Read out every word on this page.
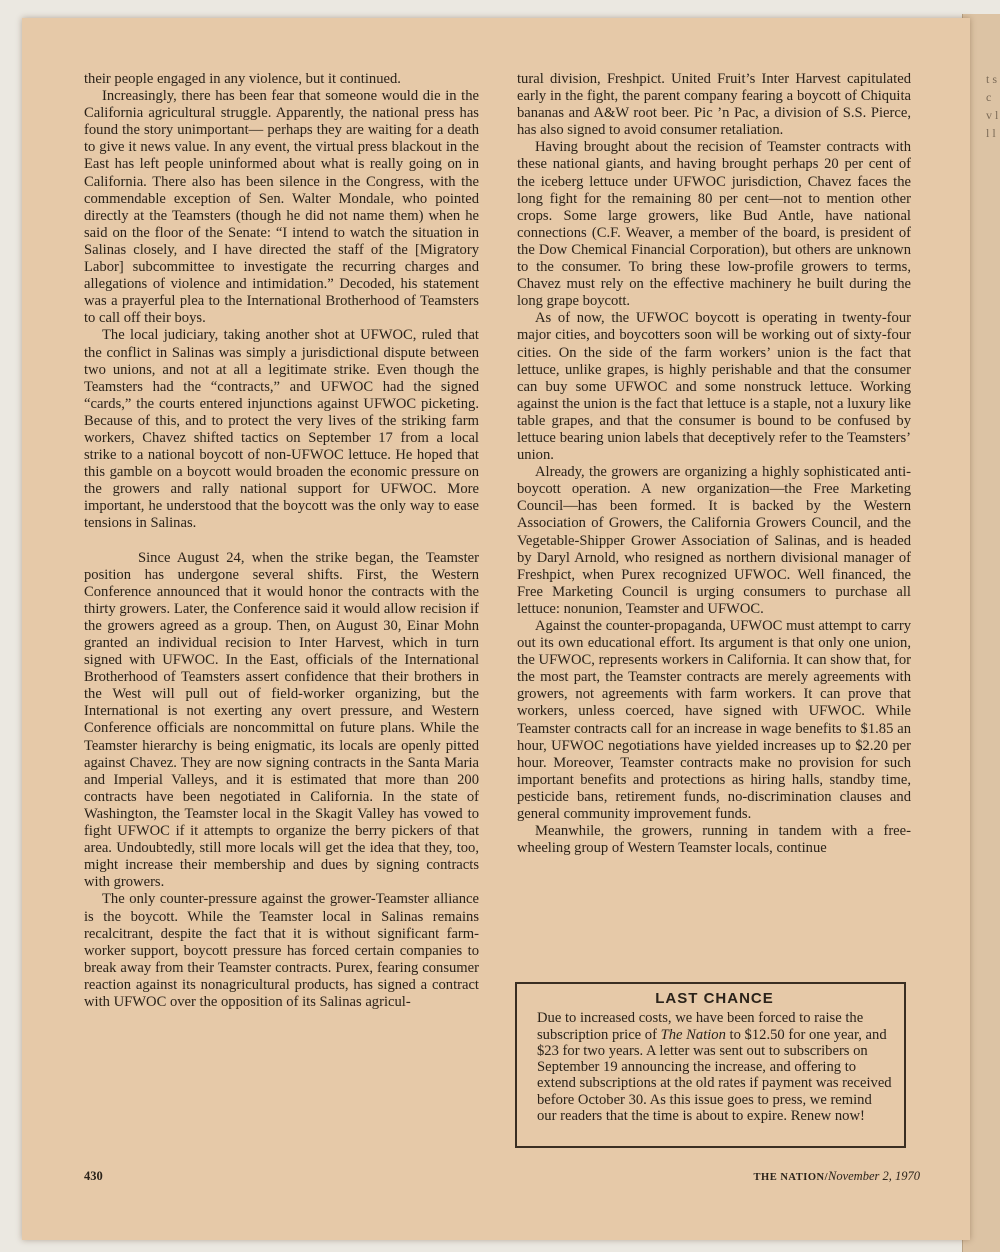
t s c v l l l

their people engaged in any violence, but it continued.

Increasingly, there has been fear that someone would die in the California agricultural struggle. Apparently, the national press has found the story unimportant— perhaps they are waiting for a death to give it news value. In any event, the virtual press blackout in the East has left people uninformed about what is really going on in California. There also has been silence in the Congress, with the commendable exception of Sen. Walter Mondale, who pointed directly at the Teamsters (though he did not name them) when he said on the floor of the Senate: “I intend to watch the situation in Salinas closely, and I have directed the staff of the [Migratory Labor] subcommittee to investigate the recurring charges and allegations of violence and intimidation.” Decoded, his statement was a prayerful plea to the International Brotherhood of Teamsters to call off their boys.

The local judiciary, taking another shot at UFWOC, ruled that the conflict in Salinas was simply a jurisdictional dispute between two unions, and not at all a legitimate strike. Even though the Teamsters had the “contracts,” and UFWOC had the signed “cards,” the courts entered injunctions against UFWOC picketing. Because of this, and to protect the very lives of the striking farm workers, Chavez shifted tactics on September 17 from a local strike to a national boycott of non-UFWOC lettuce. He hoped that this gamble on a boycott would broaden the economic pressure on the growers and rally national support for UFWOC. More important, he understood that the boycott was the only way to ease tensions in Salinas.

Since August 24, when the strike began, the Teamster position has undergone several shifts. First, the Western Conference announced that it would honor the contracts with the thirty growers. Later, the Conference said it would allow recision if the growers agreed as a group. Then, on August 30, Einar Mohn granted an individual recision to Inter Harvest, which in turn signed with UFWOC. In the East, officials of the International Brotherhood of Teamsters assert confidence that their brothers in the West will pull out of field-worker organizing, but the International is not exerting any overt pressure, and Western Conference officials are noncommittal on future plans. While the Teamster hierarchy is being enigmatic, its locals are openly pitted against Chavez. They are now signing contracts in the Santa Maria and Imperial Valleys, and it is estimated that more than 200 contracts have been negotiated in California. In the state of Washington, the Teamster local in the Skagit Valley has vowed to fight UFWOC if it attempts to organize the berry pickers of that area. Undoubtedly, still more locals will get the idea that they, too, might increase their membership and dues by signing contracts with growers.

The only counter-pressure against the grower-Teamster alliance is the boycott. While the Teamster local in Salinas remains recalcitrant, despite the fact that it is without significant farm-worker support, boycott pressure has forced certain companies to break away from their Teamster contracts. Purex, fearing consumer reaction against its nonagricultural products, has signed a contract with UFWOC over the opposition of its Salinas agricul-

tural division, Freshpict. United Fruit’s Inter Harvest capitulated early in the fight, the parent company fearing a boycott of Chiquita bananas and A&W root beer. Pic ’n Pac, a division of S.S. Pierce, has also signed to avoid consumer retaliation.

Having brought about the recision of Teamster contracts with these national giants, and having brought perhaps 20 per cent of the iceberg lettuce under UFWOC jurisdiction, Chavez faces the long fight for the remaining 80 per cent—not to mention other crops. Some large growers, like Bud Antle, have national connections (C.F. Weaver, a member of the board, is president of the Dow Chemical Financial Corporation), but others are unknown to the consumer. To bring these low-profile growers to terms, Chavez must rely on the effective machinery he built during the long grape boycott.

As of now, the UFWOC boycott is operating in twenty-four major cities, and boycotters soon will be working out of sixty-four cities. On the side of the farm workers’ union is the fact that lettuce, unlike grapes, is highly perishable and that the consumer can buy some UFWOC and some nonstruck lettuce. Working against the union is the fact that lettuce is a staple, not a luxury like table grapes, and that the consumer is bound to be confused by lettuce bearing union labels that deceptively refer to the Teamsters’ union.

Already, the growers are organizing a highly sophisticated anti-boycott operation. A new organization—the Free Marketing Council—has been formed. It is backed by the Western Association of Growers, the California Growers Council, and the Vegetable-Shipper Grower Association of Salinas, and is headed by Daryl Arnold, who resigned as northern divisional manager of Freshpict, when Purex recognized UFWOC. Well financed, the Free Marketing Council is urging consumers to purchase all lettuce: nonunion, Teamster and UFWOC.

Against the counter-propaganda, UFWOC must attempt to carry out its own educational effort. Its argument is that only one union, the UFWOC, represents workers in California. It can show that, for the most part, the Teamster contracts are merely agreements with growers, not agreements with farm workers. It can prove that workers, unless coerced, have signed with UFWOC. While Teamster contracts call for an increase in wage benefits to $1.85 an hour, UFWOC negotiations have yielded increases up to $2.20 per hour. Moreover, Teamster contracts make no provision for such important benefits and protections as hiring halls, standby time, pesticide bans, retirement funds, no-discrimination clauses and general community improvement funds.

Meanwhile, the growers, running in tandem with a free-wheeling group of Western Teamster locals, continue

LAST CHANCE

Due to increased costs, we have been forced to raise the subscription price of The Nation to $12.50 for one year, and $23 for two years. A letter was sent out to subscribers on September 19 announcing the increase, and offering to extend subscriptions at the old rates if payment was received before October 30. As this issue goes to press, we remind our readers that the time is about to expire. Renew now!

430	THE NATION/November 2, 1970
